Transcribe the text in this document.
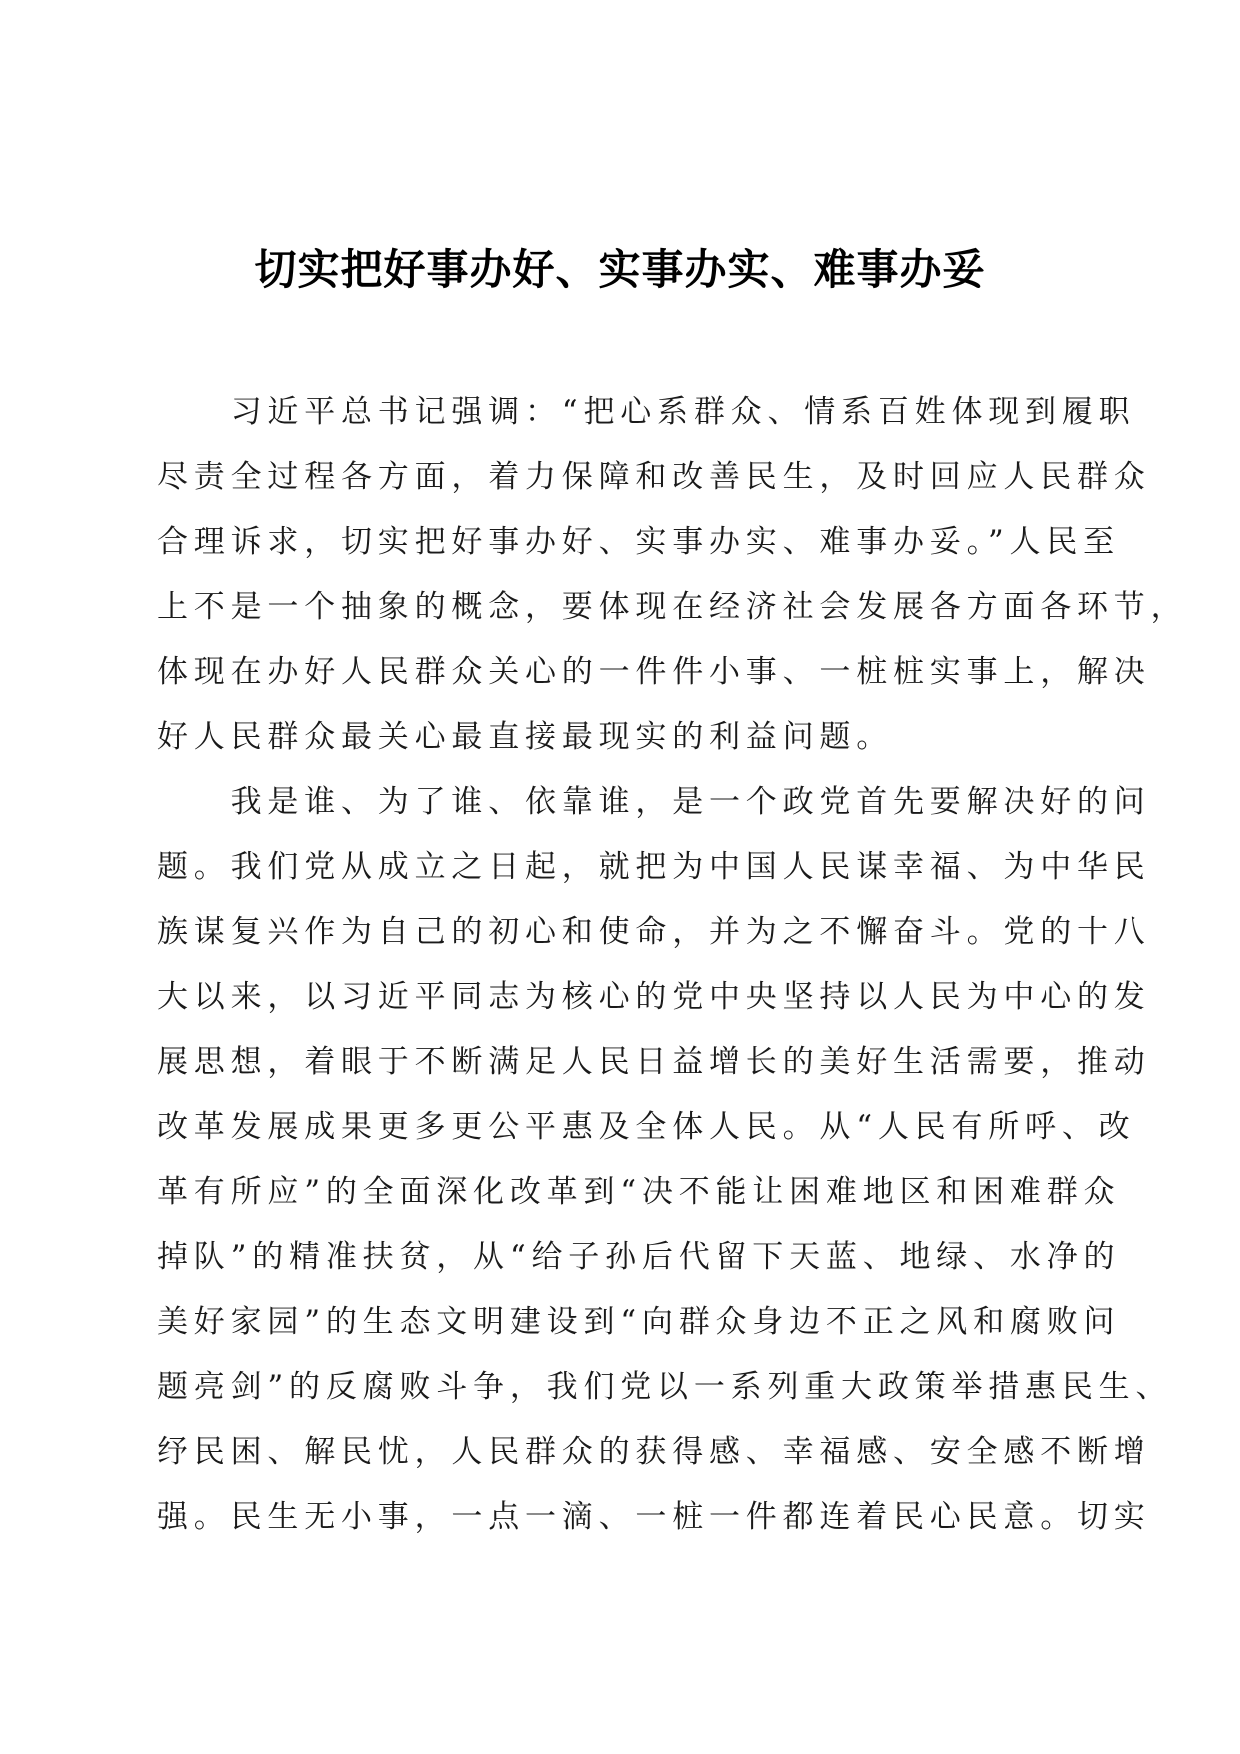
切实把好事办好、实事办实、难事办妥
　　习近平总书记强调：“把心系群众、情系百姓体现到履职
尽责全过程各方面，着力保障和改善民生，及时回应人民群众
合理诉求，切实把好事办好、实事办实、难事办妥。”人民至
上不是一个抽象的概念，要体现在经济社会发展各方面各环节，
体现在办好人民群众关心的一件件小事、一桩桩实事上，解决
好人民群众最关心最直接最现实的利益问题。
　　我是谁、为了谁、依靠谁，是一个政党首先要解决好的问
题。我们党从成立之日起，就把为中国人民谋幸福、为中华民
族谋复兴作为自己的初心和使命，并为之不懈奋斗。党的十八
大以来，以习近平同志为核心的党中央坚持以人民为中心的发
展思想，着眼于不断满足人民日益增长的美好生活需要，推动
改革发展成果更多更公平惠及全体人民。从“人民有所呼、改
革有所应”的全面深化改革到“决不能让困难地区和困难群众
掉队”的精准扶贫，从“给子孙后代留下天蓝、地绿、水净的
美好家园”的生态文明建设到“向群众身边不正之风和腐败问
题亮剑”的反腐败斗争，我们党以一系列重大政策举措惠民生、
纾民困、解民忧，人民群众的获得感、幸福感、安全感不断增
强。民生无小事，一点一滴、一桩一件都连着民心民意。切实
